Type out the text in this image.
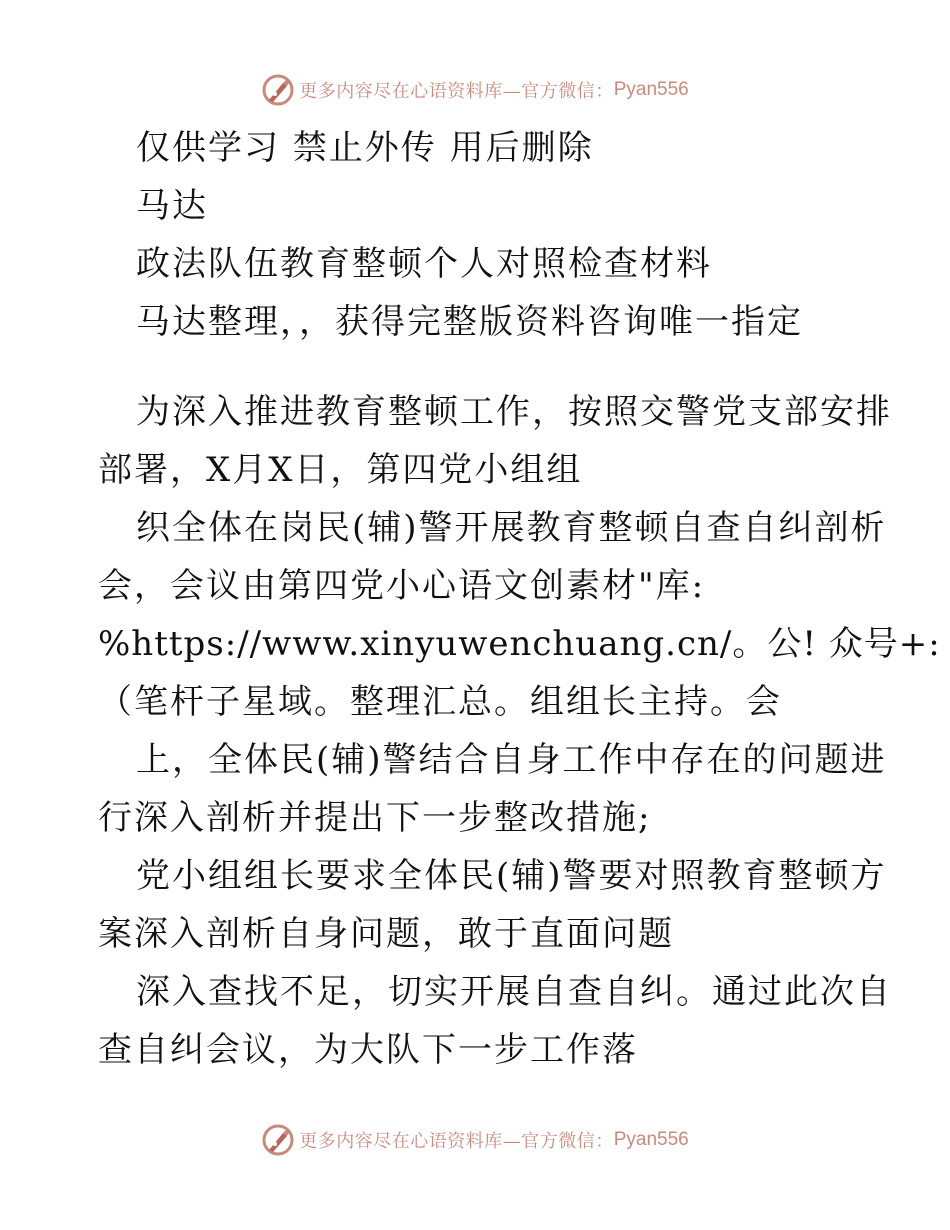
更多内容尽在心语资料库—官方微信： Pyan556
仅供学习 禁止外传 用后删除
马达
政法队伍教育整顿个人对照检查材料
马达整理，，获得完整版资料咨询唯一指定
为深入推进教育整顿工作，按照交警党支部安排
部署，X月X日，第四党小组组
织全体在岗民(辅)警开展教育整顿自查自纠剖析
会，会议由第四党小心语文创素材"库:
%https://www.xinyuwenchuang.cn/。公! 众号+:
（笔杆子星域。整理汇总。组组长主持。会
上，全体民(辅)警结合自身工作中存在的问题进
行深入剖析并提出下一步整改措施;
党小组组长要求全体民(辅)警要对照教育整顿方
案深入剖析自身问题，敢于直面问题
深入查找不足，切实开展自查自纠。通过此次自
查自纠会议，为大队下一步工作落
更多内容尽在心语资料库—官方微信： Pyan556
